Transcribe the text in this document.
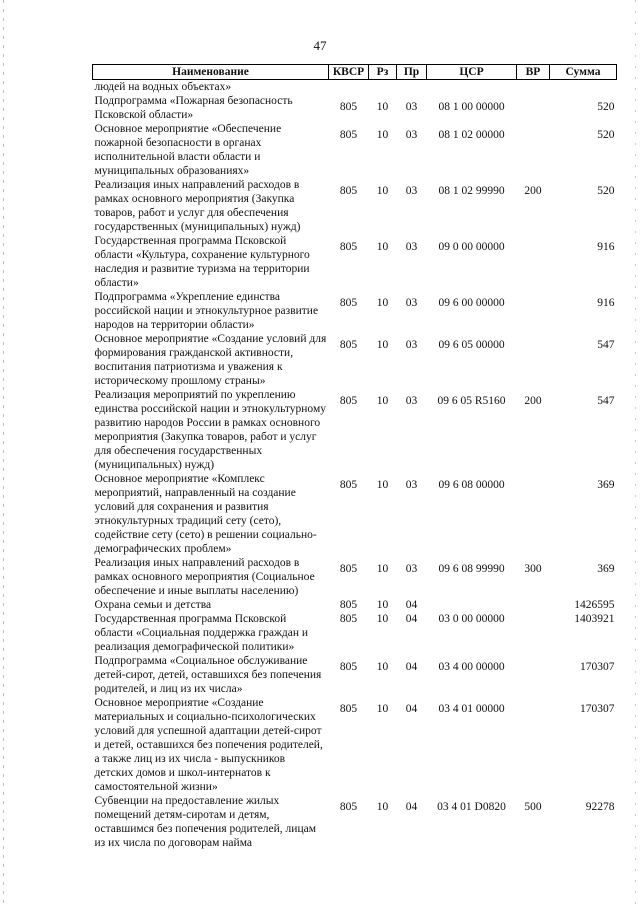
47
Наименование	КВСР	Рз	Пр	ЦСР	ВР	Сумма
людей на водных объектах»						
Подпрограмма «Пожарная безопасность Псковской области»	805	10	03	08 1 00 00000		520
Основное мероприятие «Обеспечение пожарной безопасности в органах исполнительной власти области и муниципальных образованиях»	805	10	03	08 1 02 00000		520
Реализация иных направлений расходов в рамках основного мероприятия (Закупка товаров, работ и услуг для обеспечения государственных (муниципальных) нужд)	805	10	03	08 1 02 99990	200	520
Государственная программа Псковской области «Культура, сохранение культурного наследия и развитие туризма на территории области»	805	10	03	09 0 00 00000		916
Подпрограмма «Укрепление единства российской нации и этнокультурное развитие народов на территории области»	805	10	03	09 6 00 00000		916
Основное мероприятие «Создание условий для формирования гражданской активности, воспитания патриотизма и уважения к историческому прошлому страны»	805	10	03	09 6 05 00000		547
Реализация мероприятий по укреплению единства российской нации и этнокультурному развитию народов России в рамках основного мероприятия (Закупка товаров, работ и услуг для обеспечения государственных (муниципальных) нужд)	805	10	03	09 6 05 R5160	200	547
Основное мероприятие «Комплекс мероприятий, направленный на создание условий для сохранения и развития этнокультурных традиций сету (сето), содействие сету (сето) в решении социально-демографических проблем»	805	10	03	09 6 08 00000		369
Реализация иных направлений расходов в рамках основного мероприятия (Социальное обеспечение и иные выплаты населению)	805	10	03	09 6 08 99990	300	369
Охрана семьи и детства	805	10	04			1426595
Государственная программа Псковской области «Социальная поддержка граждан и реализация демографической политики»	805	10	04	03 0 00 00000		1403921
Подпрограмма «Социальное обслуживание детей-сирот, детей, оставшихся без попечения родителей, и лиц из их числа»	805	10	04	03 4 00 00000		170307
Основное мероприятие «Создание материальных и социально-психологических условий для успешной адаптации детей-сирот и детей, оставшихся без попечения родителей, а также лиц из их числа - выпускников детских домов и школ-интернатов к самостоятельной жизни»	805	10	04	03 4 01 00000		170307
Субвенции на предоставление жилых помещений детям-сиротам и детям, оставшимся без попечения родителей, лицам из их числа по договорам найма	805	10	04	03 4 01 D0820	500	92278
